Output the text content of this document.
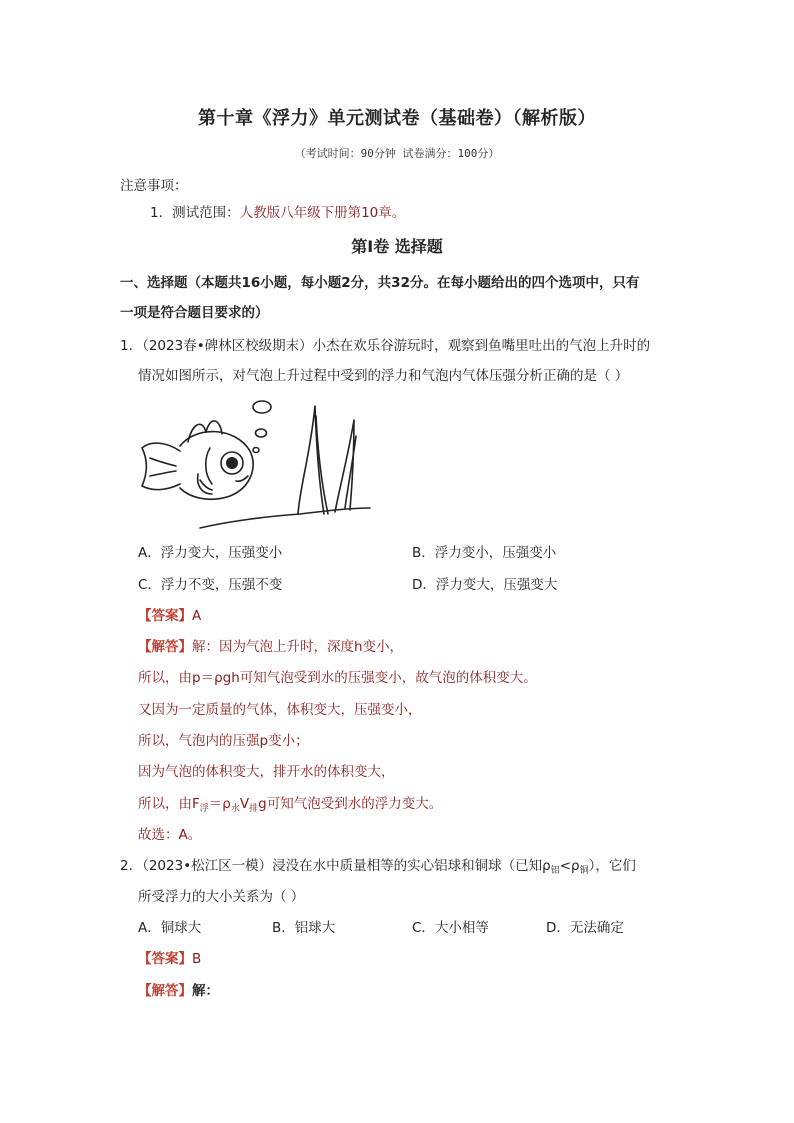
第十章《浮力》单元测试卷（基础卷）（解析版）
（考试时间：90分钟 试卷满分：100分）
注意事项：
1．测试范围：人教版八年级下册第10章。
第Ⅰ卷 选择题
一、选择题（本题共16小题，每小题2分，共32分。在每小题给出的四个选项中，只有
一项是符合题目要求的）
1．（2023春•碑林区校级期末）小杰在欢乐谷游玩时，观察到鱼嘴里吐出的气泡上升时的
情况如图所示，对气泡上升过程中受到的浮力和气泡内气体压强分析正确的是（ ）
A．浮力变大，压强变小	B．浮力变小，压强变小
C．浮力不变，压强不变	D．浮力变大，压强变大
【答案】A
【解答】解：因为气泡上升时，深度h变小，
所以，由p＝ρgh可知气泡受到水的压强变小，故气泡的体积变大。
又因为一定质量的气体，体积变大，压强变小，
所以，气泡内的压强p变小；
因为气泡的体积变大，排开水的体积变大，
所以，由$F_浮=\rho_水V_排g$可知气泡受到水的浮力变大。
故选：A。
2．（2023•松江区一模）浸没在水中质量相等的实心铝球和铜球（已知$\rho_铝<\rho_铜$），它们
所受浮力的大小关系为（ ）
A．铜球大	B．铝球大	C．大小相等	D．无法确定
【答案】B
【解答】解：
